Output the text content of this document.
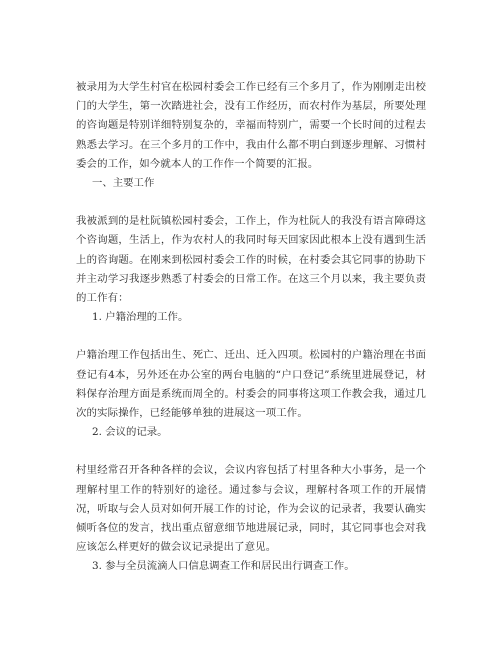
被录用为大学生村官在松园村委会工作已经有三个多月了，作为刚刚走出校门的大学生，第一次踏进社会，没有工作经历，而农村作为基层，所要处理的咨询题是特别详细特别复杂的，幸福而特别广，需要一个长时间的过程去熟悉去学习。在三个多月的工作中，我由什么都不明白到逐步理解、习惯村委会的工作，如今就本人的工作作一个简要的汇报。

一、主要工作

我被派到的是杜阮镇松园村委会，工作上，作为杜阮人的我没有语言障碍这个咨询题，生活上，作为农村人的我同时每天回家因此根本上没有遇到生活上的咨询题。在刚来到松园村委会工作的时候，在村委会其它同事的协助下并主动学习我逐步熟悉了村委会的日常工作。在这三个月以来，我主要负责的工作有：

1. 户籍治理的工作。

户籍治理工作包括出生、死亡、迁出、迁入四项。松园村的户籍治理在书面登记有4本，另外还在办公室的两台电脑的“户口登记”系统里进展登记，材料保存治理方面是系统而周全的。村委会的同事将这项工作教会我，通过几次的实际操作，已经能够单独的进展这一项工作。

2. 会议的记录。

村里经常召开各种各样的会议，会议内容包括了村里各种大小事务，是一个理解村里工作的特别好的途径。通过参与会议，理解村各项工作的开展情况，听取与会人员对如何开展工作的讨论，作为会议的记录者，我要认确实倾听各位的发言，找出重点留意细节地进展记录，同时，其它同事也会对我应该怎么样更好的做会议记录提出了意见。

3. 参与全员流滴人口信息调查工作和居民出行调查工作。
